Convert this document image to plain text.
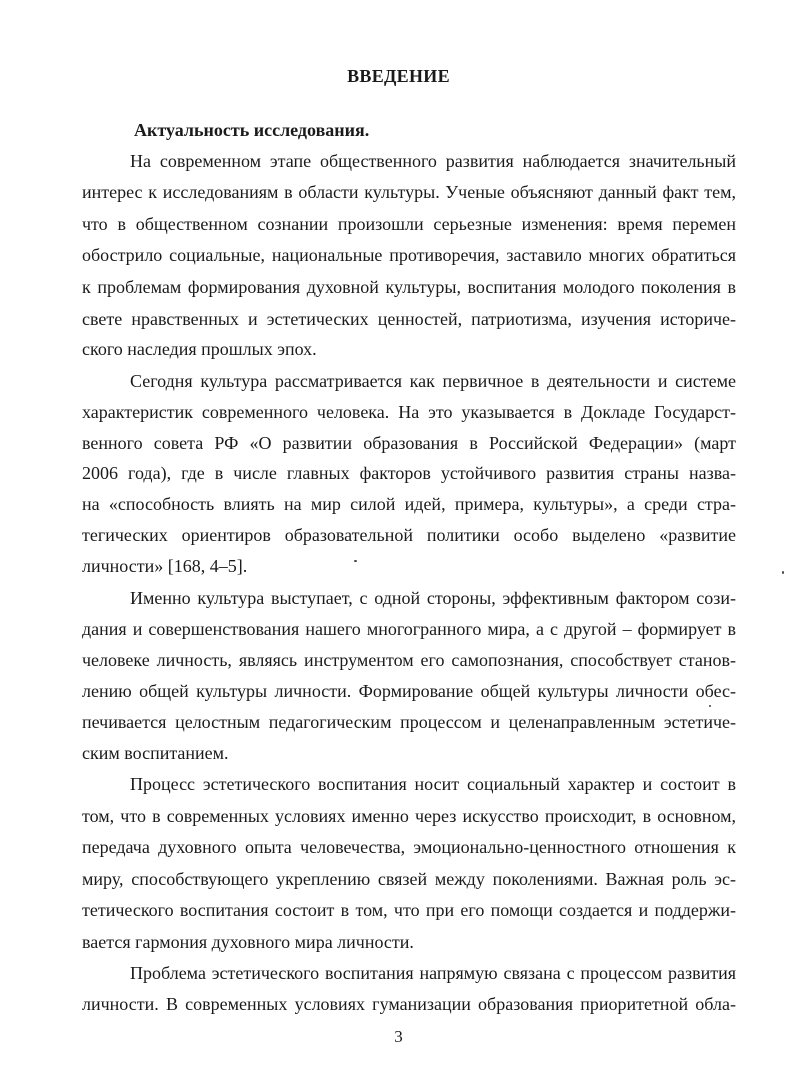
ВВЕДЕНИЕ
Актуальность исследования.
На современном этапе общественного развития наблюдается значительный
интерес к исследованиям в области культуры. Ученые объясняют данный факт тем,
что в общественном сознании произошли серьезные изменения: время перемен
обострило социальные, национальные противоречия, заставило многих обратиться
к проблемам формирования духовной культуры, воспитания молодого поколения в
свете нравственных и эстетических ценностей, патриотизма, изучения историче-
ского наследия прошлых эпох.
Сегодня культура рассматривается как первичное в деятельности и системе
характеристик современного человека. На это указывается в Докладе Государст-
венного совета РФ «О развитии образования в Российской Федерации» (март
2006 года), где в числе главных факторов устойчивого развития страны назва-
на «способность влиять на мир силой идей, примера, культуры», а среди стра-
тегических ориентиров образовательной политики особо выделено «развитие
личности» [168, 4–5].
Именно культура выступает, с одной стороны, эффективным фактором сози-
дания и совершенствования нашего многогранного мира, а с другой – формирует в
человеке личность, являясь инструментом его самопознания, способствует станов-
лению общей культуры личности. Формирование общей культуры личности обес-
печивается целостным педагогическим процессом и целенаправленным эстетиче-
ским воспитанием.
Процесс эстетического воспитания носит социальный характер и состоит в
том, что в современных условиях именно через искусство происходит, в основном,
передача духовного опыта человечества, эмоционально-ценностного отношения к
миру, способствующего укреплению связей между поколениями. Важная роль эс-
тетического воспитания состоит в том, что при его помощи создается и поддержи-
вается гармония духовного мира личности.
Проблема эстетического воспитания напрямую связана с процессом развития
личности. В современных условиях гуманизации образования приоритетной обла-
3
